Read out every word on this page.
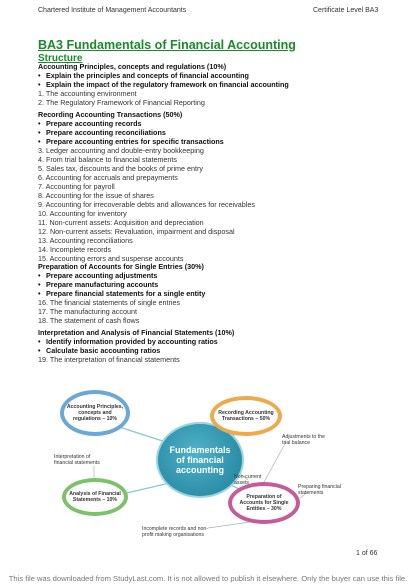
Chartered Institute of Management Accountants	Certificate Level BA3
BA3 Fundamentals of Financial Accounting
Structure
Accounting Principles, concepts and regulations (10%)
• Explain the principles and concepts of financial accounting
• Explain the impact of the regulatory framework on financial accounting
1. The accounting environment
2. The Regulatory Framework of Financial Reporting
Recording Accounting Transactions (50%)
• Prepare accounting records
• Prepare accounting reconciliations
• Prepare accounting entries for specific transactions
3. Ledger accounting and double-entry bookkeeping
4. From trial balance to financial statements
5. Sales tax, discounts and the books of prime entry
6. Accounting for accruals and prepayments
7. Accounting for payroll
8. Accounting for the issue of shares
9. Accounting for irrecoverable debts and allowances for receivables
10. Accounting for inventory
11. Non-current assets: Acquisition and depreciation
12. Non-current assets: Revaluation, impairment and disposal
13. Accounting reconciliations
14. Incomplete records
15. Accounting errors and suspense accounts
Preparation of Accounts for Single Entries (30%)
• Prepare accounting adjustments
• Prepare manufacturing accounts
• Prepare financial statements for a single entity
16. The financial statements of single entries
17. The manufacturing account
18. The statement of cash flows
Interpretation and Analysis of Financial Statements (10%)
• Identify information provided by accounting ratios
• Calculate basic accounting ratios
19. The interpretation of financial statements
Fundamentals
of financial
accounting
Accounting Principles,
concepts and
regulations – 10%
Recording Accounting
Transactions – 50%
Analysis of Financial
Statements – 10%	Preparation of
Accounts for Single
Entities – 30%
Interpretation of
financial statements
Non-current
assets
Adjustments to the
trial balance
Preparing financial
statements
Incomplete records and non-
profit making organisations
1 of 66
This file was downloaded from StudyLast.com. It is not allowed to publish it elsewhere. Only the buyer can use this file.
